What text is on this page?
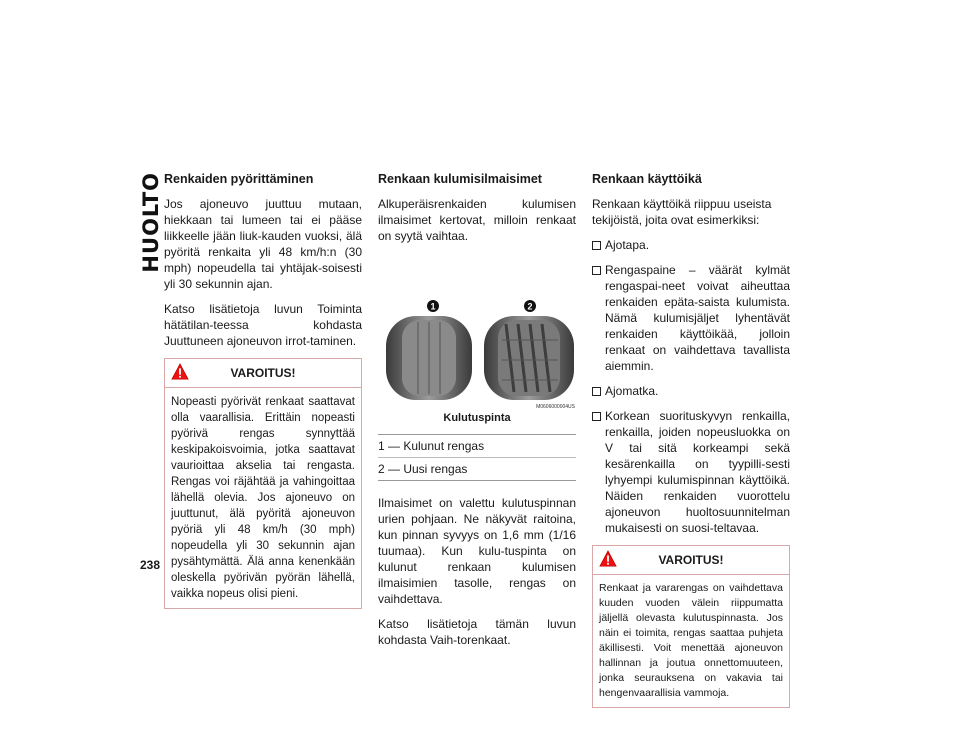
HUOLTO
238
Renkaiden pyörittäminen

Jos ajoneuvo juuttuu mutaan, hiekkaan tai lumeen tai ei pääse liikkeelle jään liuk-kauden vuoksi, älä pyöritä renkaita yli 48 km/h:n (30 mph) nopeudella tai yhtäjak-soisesti yli 30 sekunnin ajan.

Katso lisätietoja luvun Toiminta hätätilan-teessa kohdasta Juuttuneen ajoneuvon irrot-taminen.

VAROITUS!
Nopeasti pyörivät renkaat saattavat olla vaarallisia. Erittäin nopeasti pyörivä rengas synnyttää keskipakoisvoimia, jotka saattavat vaurioittaa akselia tai rengasta. Rengas voi räjähtää ja vahingoittaa lähellä olevia. Jos ajoneuvo on juuttunut, älä pyöritä ajoneuvon pyöriä yli 48 km/h (30 mph) nopeudella yli 30 sekunnin ajan pysähtymättä. Älä anna kenenkään oleskella pyörivän pyörän lähellä, vaikka nopeus olisi pieni.
Renkaan kulumisilmaisimet

Alkuperäisrenkaiden kulumisen ilmaisimet kertovat, milloin renkaat on syytä vaihtaa.

1	2
M0606000004US
Kulutuspinta
1 — Kulunut rengas
2 — Uusi rengas

Ilmaisimet on valettu kulutuspinnan urien pohjaan. Ne näkyvät raitoina, kun pinnan syvyys on 1,6 mm (1/16 tuumaa). Kun kulu-tuspinta on kulunut renkaan kulumisen ilmaisimien tasolle, rengas on vaihdettava.

Katso lisätietoja tämän luvun kohdasta Vaih-torenkaat.

Renkaan käyttöikä

Renkaan käyttöikä riippuu useista tekijöistä, joita ovat esimerkiksi:

Ajotapa.
Rengaspaine – väärät kylmät rengaspai-neet voivat aiheuttaa renkaiden epäta-saista kulumista. Nämä kulumisjäljet lyhentävät renkaiden käyttöikää, jolloin renkaat on vaihdettava tavallista aiemmin.
Ajomatka.
Korkean suorituskyvyn renkailla, renkailla, joiden nopeusluokka on V tai sitä korkeampi sekä kesärenkailla on tyypilli-sesti lyhyempi kulumispinnan käyttöikä. Näiden renkaiden vuorottelu ajoneuvon huoltosuunnitelman mukaisesti on suosi-teltavaa.
VAROITUS!
Renkaat ja vararengas on vaihdettava kuuden vuoden välein riippumatta jäljellä olevasta kulutuspinnasta. Jos näin ei toimita, rengas saattaa puhjeta äkillisesti. Voit menettää ajoneuvon hallinnan ja joutua onnettomuuteen, jonka seurauksena on vakavia tai hengenvaarallisia vammoja.
